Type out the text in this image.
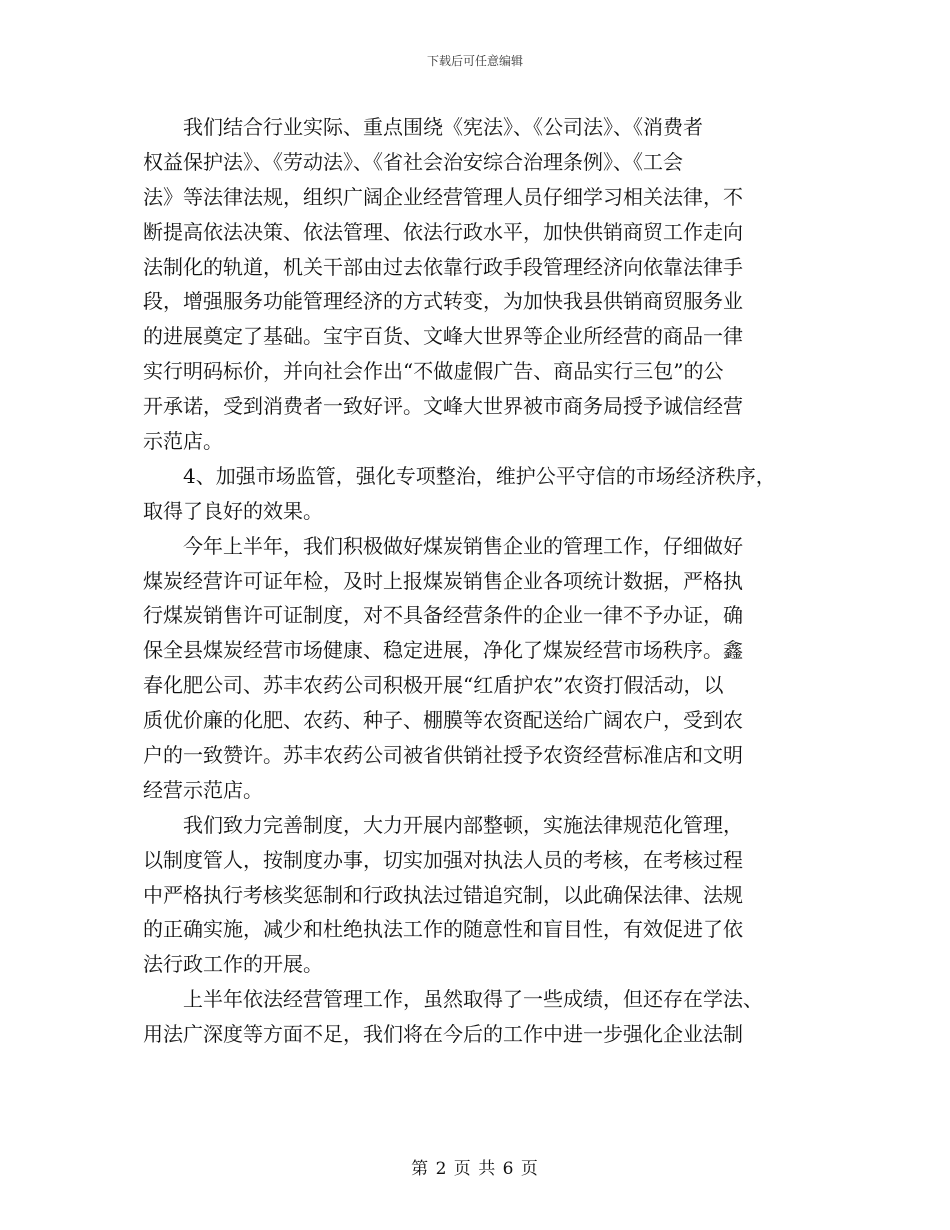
下载后可任意编辑
　　我们结合行业实际、重点围绕《宪法》、《公司法》、《消费者
权益保护法》、《劳动法》、《省社会治安综合治理条例》、《工会
法》等法律法规，组织广阔企业经营管理人员仔细学习相关法律，不
断提高依法决策、依法管理、依法行政水平，加快供销商贸工作走向
法制化的轨道，机关干部由过去依靠行政手段管理经济向依靠法律手
段，增强服务功能管理经济的方式转变，为加快我县供销商贸服务业
的进展奠定了基础。宝宇百货、文峰大世界等企业所经营的商品一律
实行明码标价，并向社会作出“不做虚假广告、商品实行三包”的公
开承诺，受到消费者一致好评。文峰大世界被市商务局授予诚信经营
示范店。
　　4、加强市场监管，强化专项整治，维护公平守信的市场经济秩序，
取得了良好的效果。
　　今年上半年，我们积极做好煤炭销售企业的管理工作，仔细做好
煤炭经营许可证年检，及时上报煤炭销售企业各项统计数据，严格执
行煤炭销售许可证制度，对不具备经营条件的企业一律不予办证，确
保全县煤炭经营市场健康、稳定进展，净化了煤炭经营市场秩序。鑫
春化肥公司、苏丰农药公司积极开展“红盾护农”农资打假活动，以
质优价廉的化肥、农药、种子、棚膜等农资配送给广阔农户，受到农
户的一致赞许。苏丰农药公司被省供销社授予农资经营标准店和文明
经营示范店。
　　我们致力完善制度，大力开展内部整顿，实施法律规范化管理，
以制度管人，按制度办事，切实加强对执法人员的考核，在考核过程
中严格执行考核奖惩制和行政执法过错追究制，以此确保法律、法规
的正确实施，减少和杜绝执法工作的随意性和盲目性，有效促进了依
法行政工作的开展。
　　上半年依法经营管理工作，虽然取得了一些成绩，但还存在学法、
用法广深度等方面不足，我们将在今后的工作中进一步强化企业法制
第 2 页 共 6 页
